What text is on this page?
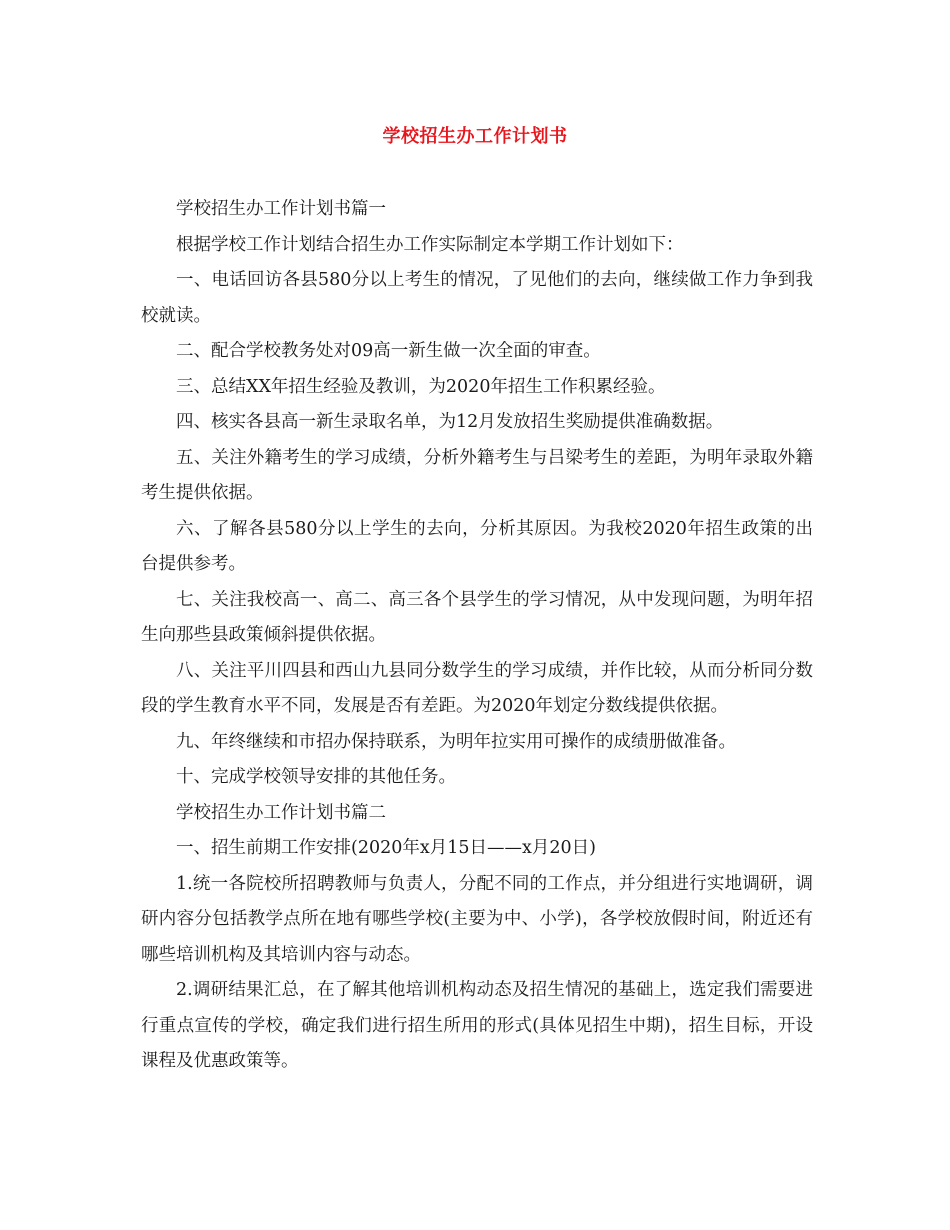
学校招生办工作计划书

学校招生办工作计划书篇一

根据学校工作计划结合招生办工作实际制定本学期工作计划如下：

一、电话回访各县580分以上考生的情况，了见他们的去向，继续做工作力争到我校就读。

二、配合学校教务处对09高一新生做一次全面的审查。

三、总结XX年招生经验及教训，为2020年招生工作积累经验。

四、核实各县高一新生录取名单，为12月发放招生奖励提供准确数据。

五、关注外籍考生的学习成绩，分析外籍考生与吕梁考生的差距，为明年录取外籍考生提供依据。

六、了解各县580分以上学生的去向，分析其原因。为我校2020年招生政策的出台提供参考。

七、关注我校高一、高二、高三各个县学生的学习情况，从中发现问题，为明年招生向那些县政策倾斜提供依据。

八、关注平川四县和西山九县同分数学生的学习成绩，并作比较，从而分析同分数段的学生教育水平不同，发展是否有差距。为2020年划定分数线提供依据。

九、年终继续和市招办保持联系，为明年拉实用可操作的成绩册做准备。

十、完成学校领导安排的其他任务。

学校招生办工作计划书篇二

一、招生前期工作安排(2020年x月15日——x月20日)

1.统一各院校所招聘教师与负责人，分配不同的工作点，并分组进行实地调研，调研内容分包括教学点所在地有哪些学校(主要为中、小学)，各学校放假时间，附近还有哪些培训机构及其培训内容与动态。

2.调研结果汇总，在了解其他培训机构动态及招生情况的基础上，选定我们需要进行重点宣传的学校，确定我们进行招生所用的形式(具体见招生中期)，招生目标，开设课程及优惠政策等。
